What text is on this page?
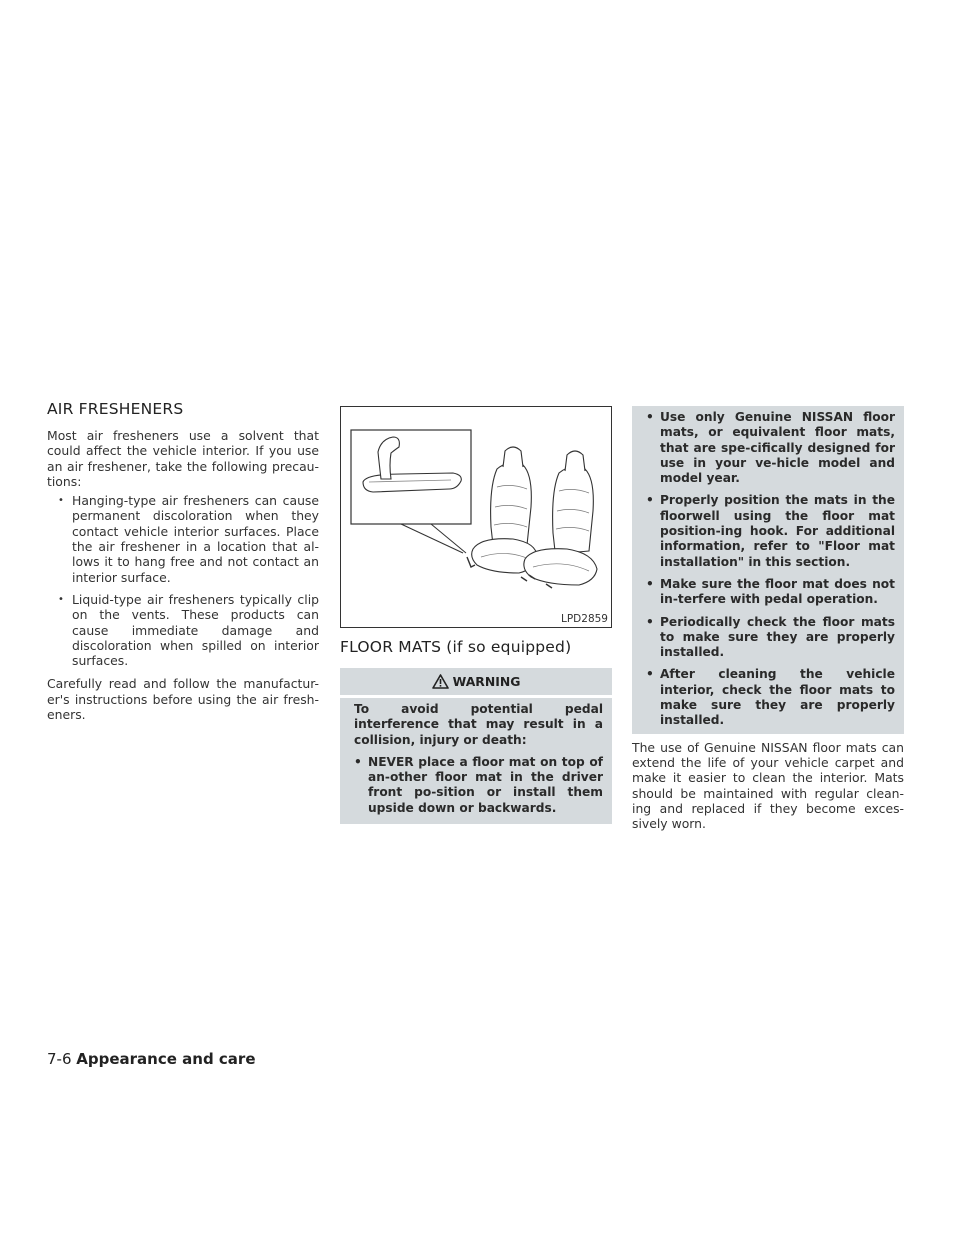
AIR FRESHENERS

Most air fresheners use a solvent that could affect the vehicle interior. If you use an air freshener, take the following precau-tions:

• Hanging-type air fresheners can cause permanent discoloration when they contact vehicle interior surfaces. Place the air freshener in a location that al-lows it to hang free and not contact an interior surface.
• Liquid-type air fresheners typically clip on the vents. These products can cause immediate damage and discoloration when spilled on interior surfaces.

Carefully read and follow the manufactur-er's instructions before using the air fresh-eners.

LPD2859
FLOOR MATS (if so equipped)
WARNING

To avoid potential pedal interference that may result in a collision, injury or death:

• NEVER place a floor mat on top of an-other floor mat in the driver front po-sition or install them upside down or backwards.
• Use only Genuine NISSAN floor mats, or equivalent floor mats, that are spe-cifically designed for use in your ve-hicle model and model year.
• Properly position the mats in the floorwell using the floor mat position-ing hook. For additional information, refer to "Floor mat installation" in this section.
• Make sure the floor mat does not in-terfere with pedal operation.
• Periodically check the floor mats to make sure they are properly installed.
• After cleaning the vehicle interior, check the floor mats to make sure they are properly installed.

The use of Genuine NISSAN floor mats can extend the life of your vehicle carpet and make it easier to clean the interior. Mats should be maintained with regular clean-ing and replaced if they become exces-sively worn.

7-6 Appearance and care
